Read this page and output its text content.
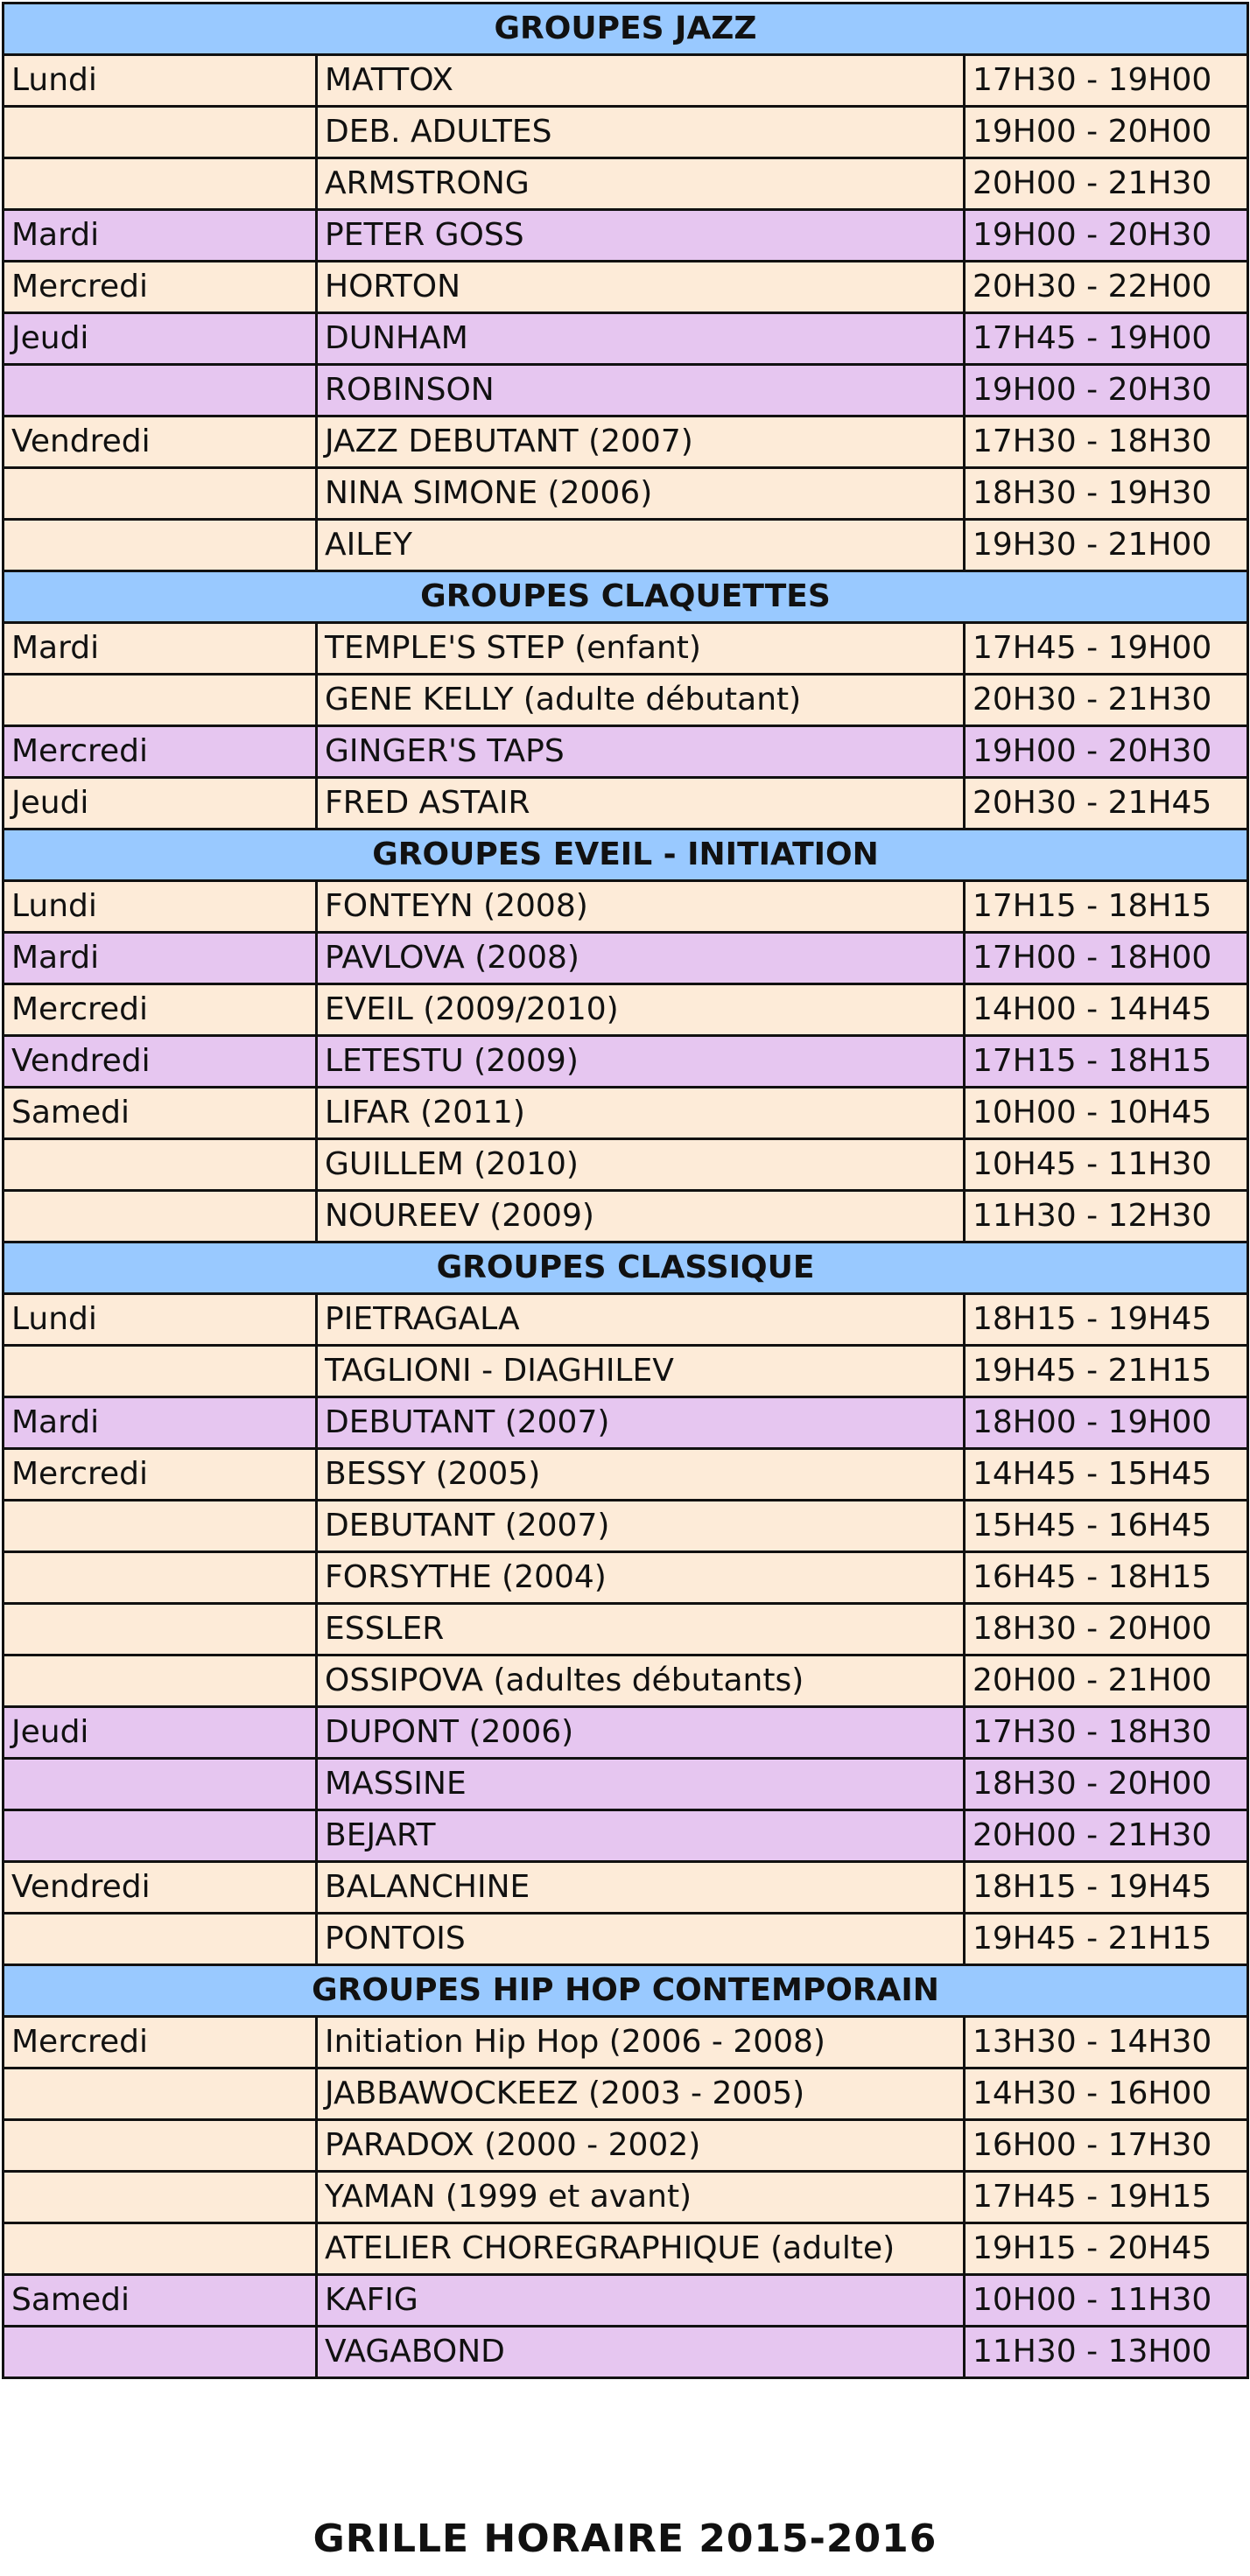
GROUPES JAZZ		
Lundi	MATTOX	17H30 - 19H00
	DEB. ADULTES	19H00 - 20H00
	ARMSTRONG	20H00 - 21H30
Mardi	PETER GOSS	19H00 - 20H30
Mercredi	HORTON	20H30 - 22H00
Jeudi	DUNHAM	17H45 - 19H00
	ROBINSON	19H00 - 20H30
Vendredi	JAZZ DEBUTANT (2007)	17H30 - 18H30
	NINA SIMONE (2006)	18H30 - 19H30
	AILEY	19H30 - 21H00
GROUPES CLAQUETTES		
Mardi	TEMPLE'S STEP (enfant)	17H45 - 19H00
	GENE KELLY (adulte débutant)	20H30 - 21H30
Mercredi	GINGER'S TAPS	19H00 - 20H30
Jeudi	FRED ASTAIR	20H30 - 21H45
GROUPES EVEIL - INITIATION		
Lundi	FONTEYN (2008)	17H15 - 18H15
Mardi	PAVLOVA (2008)	17H00 - 18H00
Mercredi	EVEIL (2009/2010)	14H00 - 14H45
Vendredi	LETESTU (2009)	17H15 - 18H15
Samedi	LIFAR (2011)	10H00 - 10H45
	GUILLEM (2010)	10H45 - 11H30
	NOUREEV (2009)	11H30 - 12H30
GROUPES CLASSIQUE		
Lundi	PIETRAGALA	18H15 - 19H45
	TAGLIONI - DIAGHILEV	19H45 - 21H15
Mardi	DEBUTANT (2007)	18H00 - 19H00
Mercredi	BESSY (2005)	14H45 - 15H45
	DEBUTANT (2007)	15H45 - 16H45
	FORSYTHE (2004)	16H45 - 18H15
	ESSLER	18H30 - 20H00
	OSSIPOVA (adultes débutants)	20H00 - 21H00
Jeudi	DUPONT (2006)	17H30 - 18H30
	MASSINE	18H30 - 20H00
	BEJART	20H00 - 21H30
Vendredi	BALANCHINE	18H15 - 19H45
	PONTOIS	19H45 - 21H15
GROUPES HIP HOP CONTEMPORAIN		
Mercredi	Initiation Hip Hop (2006 - 2008)	13H30 - 14H30
	JABBAWOCKEEZ (2003 - 2005)	14H30 - 16H00
	PARADOX (2000 - 2002)	16H00 - 17H30
	YAMAN (1999 et avant)	17H45 - 19H15
	ATELIER CHOREGRAPHIQUE (adulte)	19H15 - 20H45
Samedi	KAFIG	10H00 - 11H30
	VAGABOND	11H30 - 13H00
GRILLE HORAIRE 2015-2016
